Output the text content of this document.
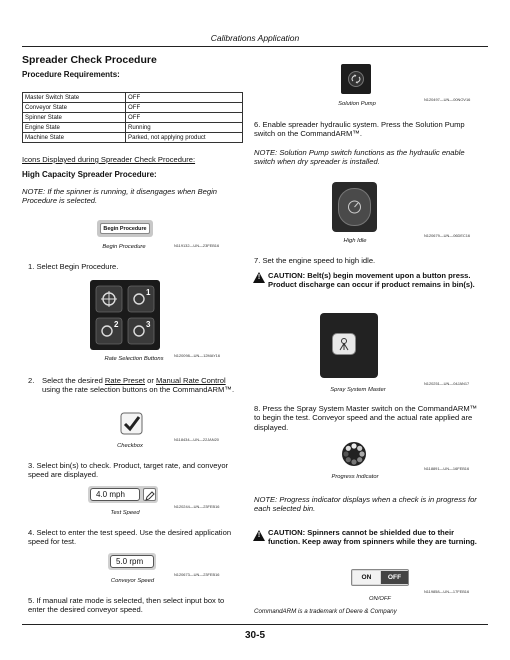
Calibrations Application
Spreader Check Procedure
Procedure Requirements:
Master Switch State	OFF
Conveyor State	OFF
Spinner State	OFF
Engine State	Running
Machine State	Parked, not applying product
Icons Displayed during Spreader Check Procedure:
High Capacity Spreader Procedure:
NOTE: If the spinner is running, it disengages when Begin Procedure is selected.
Begin Procedure
N119132—UN—23FEB16
Begin Procedure
1. Select Begin Procedure.
1
2	3
N120098—UN—12MAY16
Rate Selection Buttons
2. Select the desired Rate Preset or Manual Rate Control using the rate selection buttons on the CommandARM™.
N118434—UN—22JAN20
Checkbox
3. Select bin(s) to check. Product, target rate, and conveyor speed are displayed.
4.0 mph
N120244—UN—23FEB16
Test Speed
4. Select to enter the test speed. Use the desired application speed for test.
5.0 rpm
N120673—UN—23FEB16
Conveyor Speed
5. If manual rate mode is selected, then select input box to enter the desired conveyor speed.
N120497—UN—00NOV16
Solution Pump
6. Enable spreader hydraulic system. Press the Solution Pump switch on the CommandARM™.
NOTE: Solution Pump switch functions as the hydraulic enable switch when dry spreader is installed.
N120679—UN—06DEC16
High Idle
7. Set the engine speed to high idle.
!	CAUTION: Belt(s) begin movement upon a button press. Product discharge can occur if product remains in bin(s).
N120251—UN—04JAN17
Spray System Master
8. Press the Spray System Master switch on the CommandARM™ to begin the test. Conveyor speed and the actual rate applied are displayed.
N118891—UN—16FEB16
Progress Indicator
NOTE: Progress indicator displays when a check is in progress for each selected bin.
!	CAUTION: Spinners cannot be shielded due to their function. Keep away from spinners while they are turning.
ON	OFF
N119858—UN—17FEB16
ON/OFF
CommandARM is a trademark of Deere & Company
30-5
